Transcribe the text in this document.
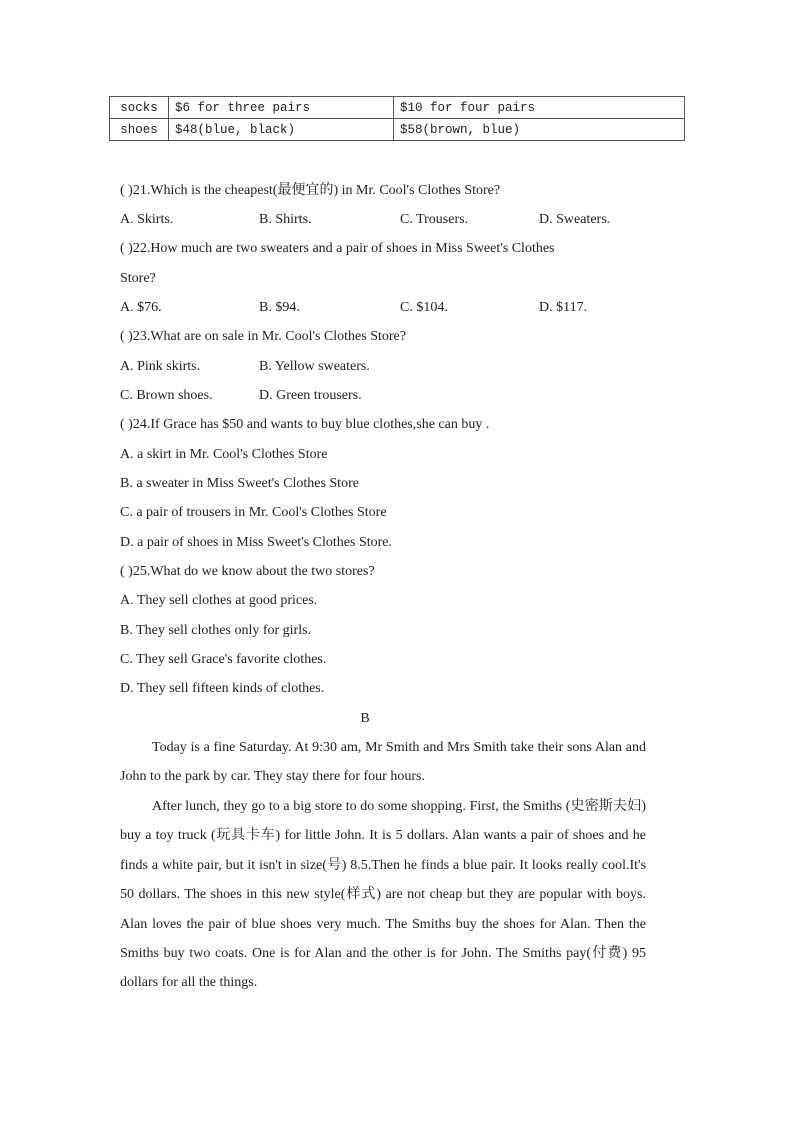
socks	$6 for three pairs	$10 for four pairs
shoes	$48(blue, black)	$58(brown, blue)
( )21.Which is the cheapest(最便宜的) in Mr. Cool's Clothes Store?
A. Skirts.	B. Shirts.	C. Trousers.	D. Sweaters.
( )22.How much are two sweaters and a pair of shoes in Miss Sweet's Clothes
Store?
A. $76.	B. $94.	C. $104.	D. $117.
( )23.What are on sale in Mr. Cool's Clothes Store?
A. Pink skirts.	B. Yellow sweaters.
C. Brown shoes.	D. Green trousers.
( )24.If Grace has $50 and wants to buy blue clothes,she can buy .
A. a skirt in Mr. Cool's Clothes Store
B. a sweater in Miss Sweet's Clothes Store
C. a pair of trousers in Mr. Cool's Clothes Store
D. a pair of shoes in Miss Sweet's Clothes Store.
( )25.What do we know about the two stores?
A. They sell clothes at good prices.
B. They sell clothes only for girls.
C. They sell Grace's favorite clothes.
D. They sell fifteen kinds of clothes.
B
Today is a fine Saturday. At 9:30 am, Mr Smith and Mrs Smith take their sons Alan and John to the park by car. They stay there for four hours.
After lunch, they go to a big store to do some shopping. First, the Smiths (史密斯夫妇) buy a toy truck (玩具卡车) for little John. It is 5 dollars. Alan wants a pair of shoes and he finds a white pair, but it isn't in size(号) 8.5.Then he finds a blue pair. It looks really cool.It's 50 dollars. The shoes in this new style(样式) are not cheap but they are popular with boys. Alan loves the pair of blue shoes very much. The Smiths buy the shoes for Alan. Then the Smiths buy two coats. One is for Alan and the other is for John. The Smiths pay(付费) 95 dollars for all the things.
